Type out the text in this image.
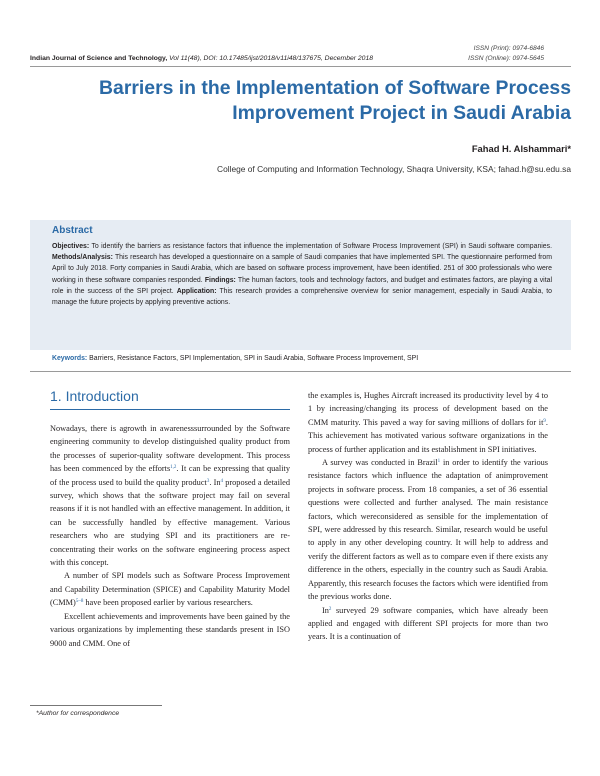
ISSN (Print): 0974-6846
Indian Journal of Science and Technology, Vol 11(48), DOI: 10.17485/ijst/2018/v11i48/137675, December 2018	ISSN (Online): 0974-5645
Barriers in the Implementation of Software Process
Improvement Project in Saudi Arabia
Fahad H. Alshammari*
College of Computing and Information Technology, Shaqra University, KSA; fahad.h@su.edu.sa
Abstract
Objectives: To identify the barriers as resistance factors that influence the implementation of Software Process Improvement (SPI) in Saudi software companies. Methods/Analysis: This research has developed a questionnaire on a sample of Saudi companies that have implemented SPI. The questionnaire performed from April to July 2018. Forty companies in Saudi Arabia, which are based on software process improvement, have been identified. 251 of 300 professionals who were working in these software companies responded. Findings: The human factors, tools and technology factors, and budget and estimates factors, are playing a vital role in the success of the SPI project. Application: This research provides a comprehensive overview for senior management, especially in Saudi Arabia, to manage the future projects by applying preventive actions.
Keywords: Barriers, Resistance Factors, SPI Implementation, SPI in Saudi Arabia, Software Process Improvement, SPI
1. Introduction

Nowadays, there is agrowth in awarenesssurrounded by the Software engineering community to develop distinguished quality product from the processes of superior-quality software development. This process has been commenced by the efforts$^{1,2}$. It can be expressing that quality of the process used to build the quality product$^3$. In$^4$ proposed a detailed survey, which shows that the software project may fail on several reasons if it is not handled with an effective management. In addition, it can be successfully handled by effective management. Various researchers who are studying SPI and its practitioners are re-concentrating their works on the software engineering process aspect with this concept.

A number of SPI models such as Software Process Improvement and Capability Determination (SPICE) and Capability Maturity Model (CMM)$^{5-8}$ have been proposed earlier by various researchers.

Excellent achievements and improvements have been gained by the various organizations by implementing these standards present in ISO 9000 and CMM. One of

the examples is, Hughes Aircraft increased its productivity level by 4 to 1 by increasing/changing its process of development based on the CMM maturity. This paved a way for saving millions of dollars for $it^9$. This achievement has motivated various software organizations in the process of further application and its establishment in SPI initiatives.

A survey was conducted in Brazil$^1$ in order to identify the various resistance factors which influence the adaptation of animprovement projects in software process. From 18 companies, a set of 36 essential questions were collected and further analysed. The main resistance factors, which wereconsidered as sensible for the implementation of SPI, were addressed by this research. Similar, research would be useful to apply in any other developing country. It will help to address and verify the different factors as well as to compare even if there exists any difference in the others, especially in the country such as Saudi Arabia. Apparently, this research focuses the factors which were identified from the previous works done.

In$^2$ surveyed 29 software companies, which have already been applied and engaged with different SPI projects for more than two years. It is a continuation of

*Author for correspondence
